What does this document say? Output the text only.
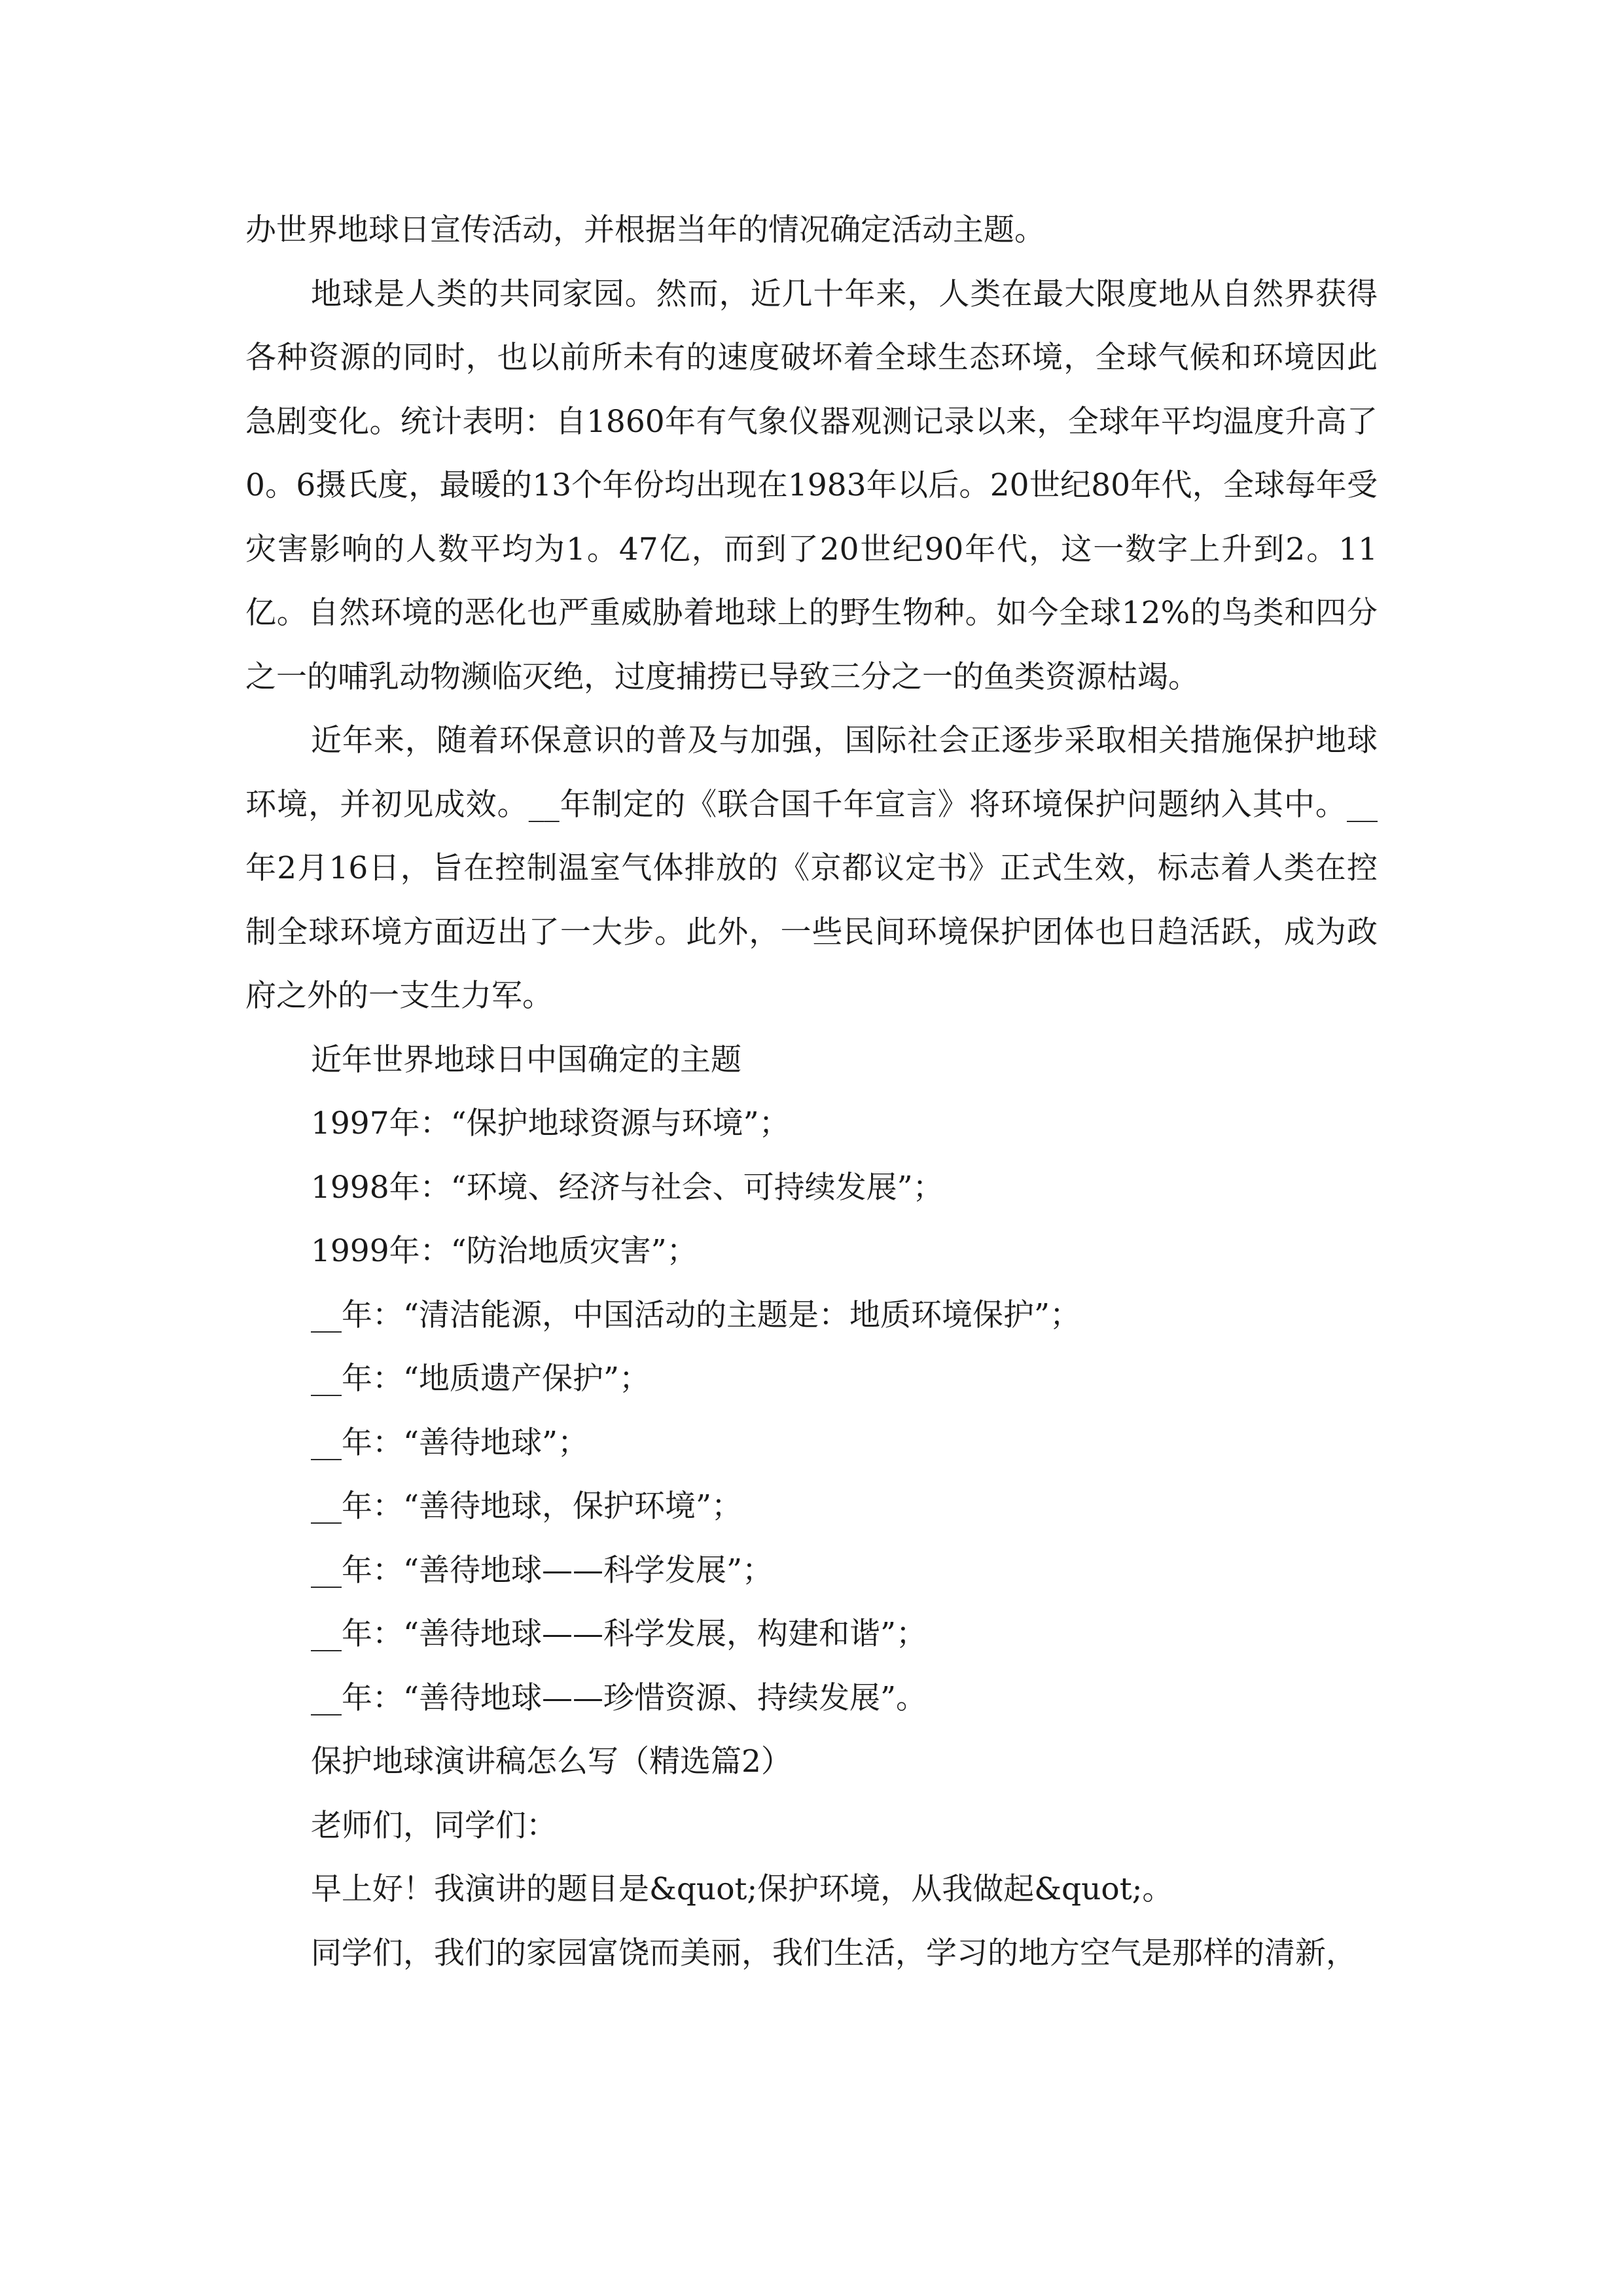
办世界地球日宣传活动，并根据当年的情况确定活动主题。

地球是人类的共同家园。然而，近几十年来，人类在最大限度地从自然界获得各种资源的同时，也以前所未有的速度破坏着全球生态环境，全球气候和环境因此急剧变化。统计表明：自1860年有气象仪器观测记录以来，全球年平均温度升高了0。6摄氏度，最暖的13个年份均出现在1983年以后。20世纪80年代，全球每年受灾害影响的人数平均为1。47亿，而到了20世纪90年代，这一数字上升到2。11亿。自然环境的恶化也严重威胁着地球上的野生物种。如今全球12%的鸟类和四分之一的哺乳动物濒临灭绝，过度捕捞已导致三分之一的鱼类资源枯竭。

近年来，随着环保意识的普及与加强，国际社会正逐步采取相关措施保护地球环境，并初见成效。__年制定的《联合国千年宣言》将环境保护问题纳入其中。__年2月16日，旨在控制温室气体排放的《京都议定书》正式生效，标志着人类在控制全球环境方面迈出了一大步。此外，一些民间环境保护团体也日趋活跃，成为政府之外的一支生力军。

近年世界地球日中国确定的主题

1997年：“保护地球资源与环境”；

1998年：“环境、经济与社会、可持续发展”；

1999年：“防治地质灾害”；

__年：“清洁能源，中国活动的主题是：地质环境保护”；

__年：“地质遗产保护”；

__年：“善待地球”；

__年：“善待地球，保护环境”；

__年：“善待地球——科学发展”；

__年：“善待地球——科学发展，构建和谐”；

__年：“善待地球——珍惜资源、持续发展”。

保护地球演讲稿怎么写（精选篇2）

老师们，同学们：

早上好！我演讲的题目是&quot;保护环境，从我做起&quot;。

同学们，我们的家园富饶而美丽，我们生活，学习的地方空气是那样的清新，
